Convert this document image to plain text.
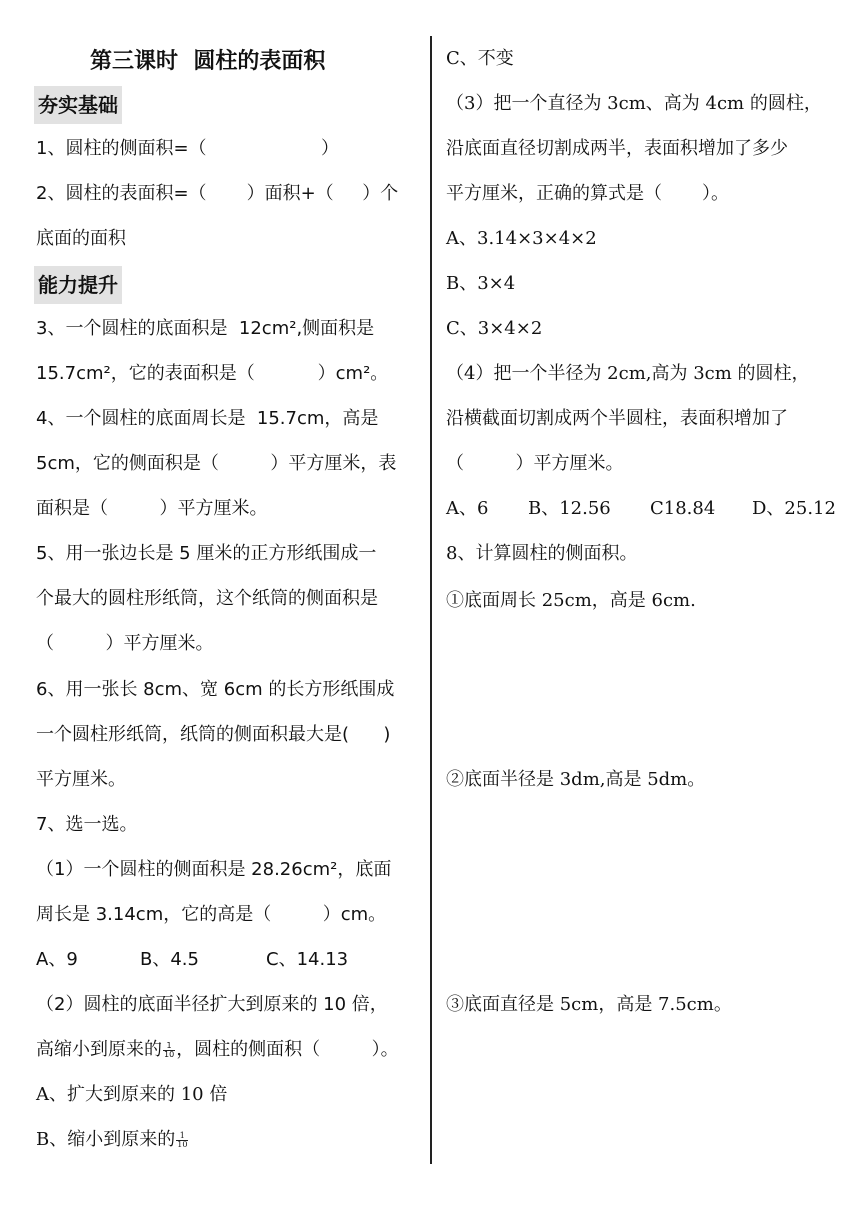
第三课时  圆柱的表面积
夯实基础
1、圆柱的侧面积=（                    ）
2、圆柱的表面积=（       ）面积+（     ）个
底面的面积
能力提升
3、一个圆柱的底面积是  12cm²,侧面积是
15.7cm²，它的表面积是（           ）cm²。
4、一个圆柱的底面周长是  15.7cm，高是
5cm，它的侧面积是（         ）平方厘米，表
面积是（         ）平方厘米。
5、用一张边长是 5 厘米的正方形纸围成一
个最大的圆柱形纸筒，这个纸筒的侧面积是
（         ）平方厘米。
6、用一张长 8cm、宽 6cm 的长方形纸围成
一个圆柱形纸筒，纸筒的侧面积最大是(      )
平方厘米。
7、选一选。
（1）一个圆柱的侧面积是 28.26cm²，底面
周长是 3.14cm，它的高是（         ）cm。

A、9

	B、4.5

	C、14.13

（2）圆柱的底面半径扩大到原来的 10 倍，
高缩小到原来的 $\frac{1}{10}$ ，圆柱的侧面积（         ）。
A、扩大到原来的 10 倍
B、缩小到原来的 $\frac{1}{10}$
C、不变
（3）把一个直径为 3cm、高为 4cm 的圆柱，
沿底面直径切割成两半，表面积增加了多少
平方厘米，正确的算式是（       ）。
A、3.14×3×4×2
B、3×4
C、3×4×2
（4）把一个半径为 2cm,高为 3cm 的圆柱，
沿横截面切割成两个半圆柱，表面积增加了
（         ）平方厘米。

A、6

B、12.56

C18.84

D、25.12

8、计算圆柱的侧面积。
①底面周长 25cm，高是 6cm.
②底面半径是 3dm,高是 5dm。
③底面直径是 5cm，高是 7.5cm。
